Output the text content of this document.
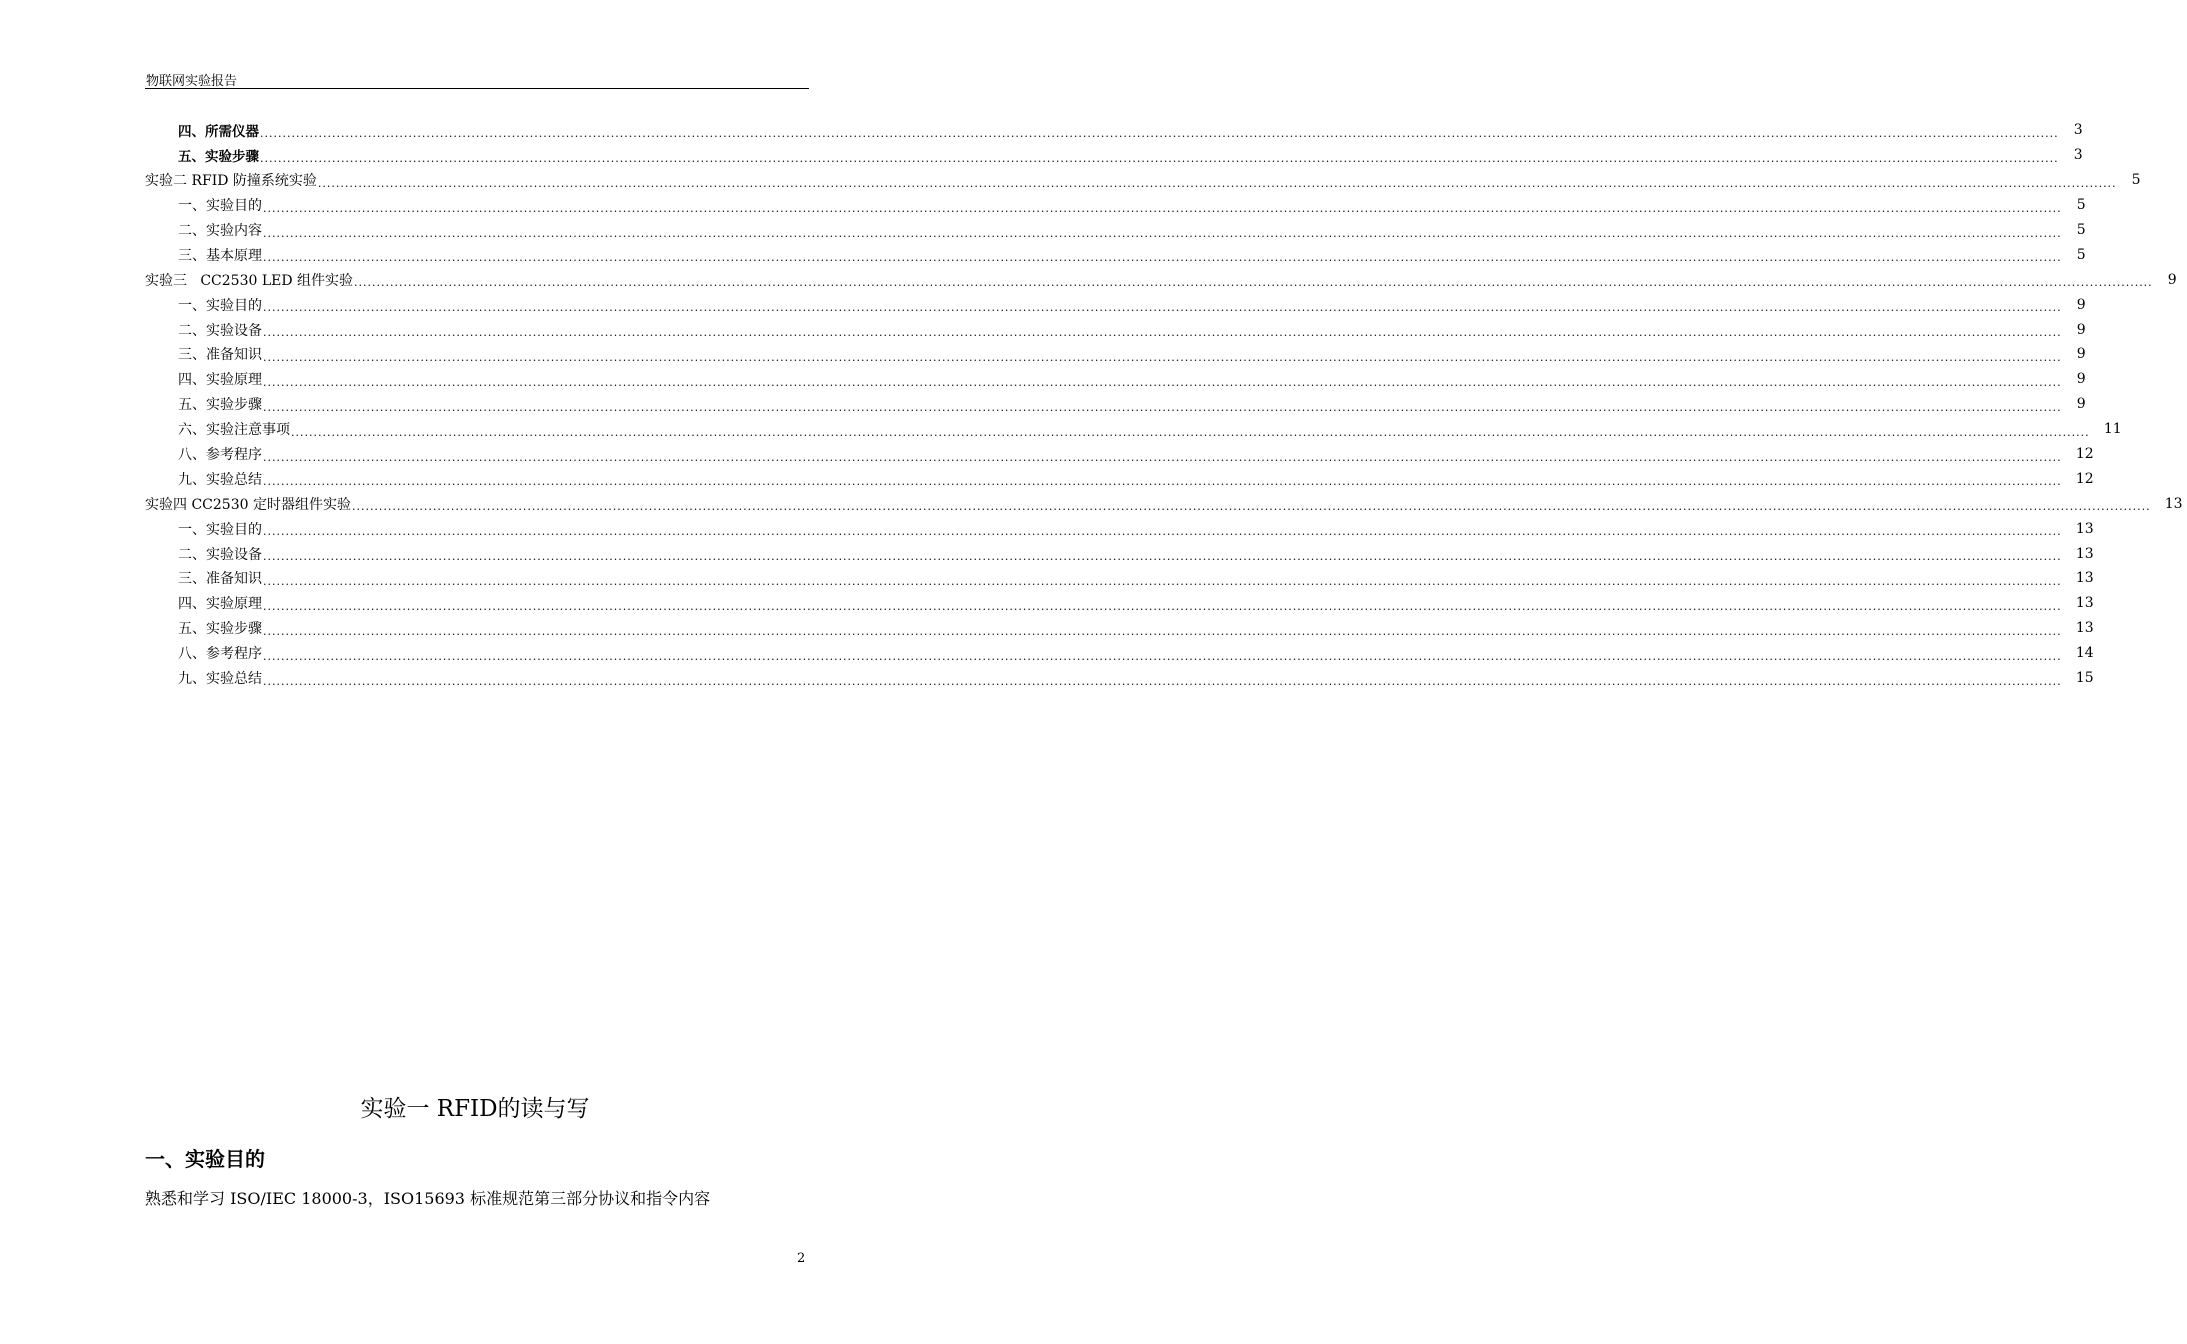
物联网实验报告
四、所需仪器 ................................................................................................................................................................................................................................................................................................................................................................................................................	3
五、实验步骤 ................................................................................................................................................................................................................................................................................................................................................................................................................	3
实验二 RFID 防撞系统实验 ................................................................................................................................................................................................................................................................................................................................................................................................................	5
一、实验目的 ................................................................................................................................................................................................................................................................................................................................................................................................................	5
二、实验内容 ................................................................................................................................................................................................................................................................................................................................................................................................................	5
三、基本原理 ................................................................................................................................................................................................................................................................................................................................................................................................................	5
实验三   CC2530 LED 组件实验 ................................................................................................................................................................................................................................................................................................................................................................................................................	9
一、实验目的 ................................................................................................................................................................................................................................................................................................................................................................................................................	9
二、实验设备 ................................................................................................................................................................................................................................................................................................................................................................................................................	9
三、准备知识 ................................................................................................................................................................................................................................................................................................................................................................................................................	9
四、实验原理 ................................................................................................................................................................................................................................................................................................................................................................................................................	9
五、实验步骤 ................................................................................................................................................................................................................................................................................................................................................................................................................	9
六、实验注意事项 ................................................................................................................................................................................................................................................................................................................................................................................................................	11
八、参考程序 ................................................................................................................................................................................................................................................................................................................................................................................................................	12
九、实验总结 ................................................................................................................................................................................................................................................................................................................................................................................................................	12
实验四 CC2530 定时器组件实验 ................................................................................................................................................................................................................................................................................................................................................................................................................	13
一、实验目的 ................................................................................................................................................................................................................................................................................................................................................................................................................	13
二、实验设备 ................................................................................................................................................................................................................................................................................................................................................................................................................	13
三、准备知识 ................................................................................................................................................................................................................................................................................................................................................................................................................	13
四、实验原理 ................................................................................................................................................................................................................................................................................................................................................................................................................	13
五、实验步骤 ................................................................................................................................................................................................................................................................................................................................................................................................................	13
八、参考程序 ................................................................................................................................................................................................................................................................................................................................................................................................................	14
九、实验总结 ................................................................................................................................................................................................................................................................................................................................................................................................................	15
实验一 RFID的读与写
一、实验目的
熟悉和学习 ISO/IEC 18000-3，ISO15693 标准规范第三部分协议和指令内容
2
